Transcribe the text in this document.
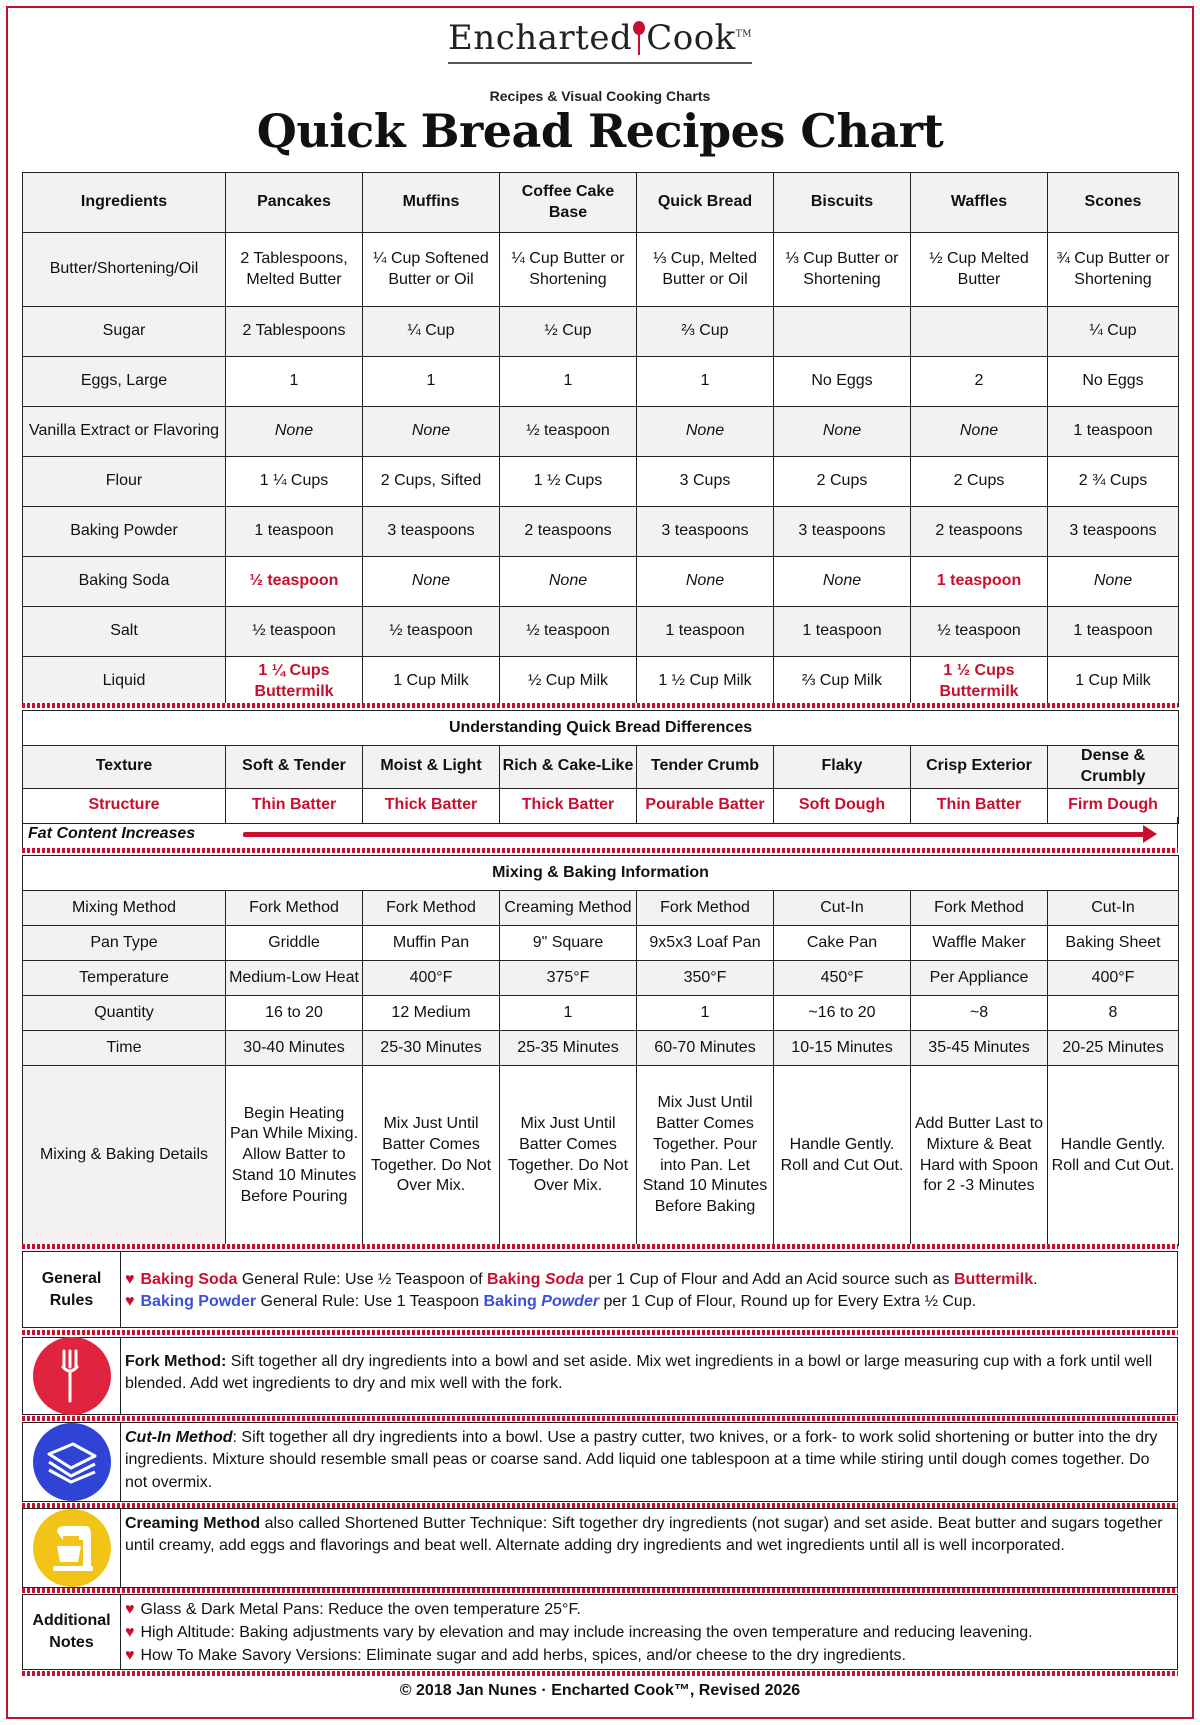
Encharted Cook™
Recipes & Visual Cooking Charts
Quick Bread Recipes Chart
Ingredients	Pancakes	Muffins	Coffee Cake Base	Quick Bread	Biscuits	Waffles	Scones
Butter/Shortening/Oil	2 Tablespoons, Melted Butter	¼ Cup Softened Butter or Oil	¼ Cup Butter or Shortening	⅓ Cup, Melted Butter or Oil	⅓ Cup Butter or Shortening	½ Cup Melted Butter	¾ Cup Butter or Shortening
Sugar	2 Tablespoons	¼ Cup	½ Cup	⅔ Cup			¼ Cup
Eggs, Large	1	1	1	1	No Eggs	2	No Eggs
Vanilla Extract or Flavoring	None	None	½ teaspoon	None	None	None	1 teaspoon
Flour	1 ¼ Cups	2 Cups, Sifted	1 ½ Cups	3 Cups	2 Cups	2 Cups	2 ¾ Cups
Baking Powder	1 teaspoon	3 teaspoons	2 teaspoons	3 teaspoons	3 teaspoons	2 teaspoons	3 teaspoons
Baking Soda	½ teaspoon	None	None	None	None	1 teaspoon	None
Salt	½ teaspoon	½ teaspoon	½ teaspoon	1 teaspoon	1 teaspoon	½ teaspoon	1 teaspoon
Liquid	1 ¼ Cups Buttermilk	1 Cup Milk	½ Cup Milk	1 ½ Cup Milk	⅔ Cup Milk	1 ½ Cups Buttermilk	1 Cup Milk
Understanding Quick Bread Differences							
Texture	Soft & Tender	Moist & Light	Rich & Cake-Like	Tender Crumb	Flaky	Crisp Exterior	Dense & Crumbly
Structure	Thin Batter	Thick Batter	Thick Batter	Pourable Batter	Soft Dough	Thin Batter	Firm Dough
Fat Content Increases
Mixing & Baking Information							
Mixing Method	Fork Method	Fork Method	Creaming Method	Fork Method	Cut-In	Fork Method	Cut-In
Pan Type	Griddle	Muffin Pan	9" Square	9x5x3 Loaf Pan	Cake Pan	Waffle Maker	Baking Sheet
Temperature	Medium-Low Heat	400°F	375°F	350°F	450°F	Per Appliance	400°F
Quantity	16 to 20	12 Medium	1	1	~16 to 20	~8	8
Time	30-40 Minutes	25-30 Minutes	25-35 Minutes	60-70 Minutes	10-15 Minutes	35-45 Minutes	20-25 Minutes
Mixing & Baking Details	Begin Heating Pan While Mixing. Allow Batter to Stand 10 Minutes Before Pouring	Mix Just Until Batter Comes Together. Do Not Over Mix.	Mix Just Until Batter Comes Together. Do Not Over Mix.	Mix Just Until Batter Comes Together. Pour into Pan. Let Stand 10 Minutes Before Baking	Handle Gently. Roll and Cut Out.	Add Butter Last to Mixture & Beat Hard with Spoon for 2 -3 Minutes	Handle Gently. Roll and Cut Out.
General Rules
♥ Baking Soda General Rule: Use ½ Teaspoon of Baking Soda per 1 Cup of Flour and Add an Acid source such as Buttermilk.
♥ Baking Powder General Rule: Use 1 Teaspoon Baking Powder per 1 Cup of Flour, Round up for Every Extra ½ Cup.
Fork Method: Sift together all dry ingredients into a bowl and set aside. Mix wet ingredients in a bowl or large measuring cup with a fork until well blended. Add wet ingredients to dry and mix well with the fork.
Cut-In Method: Sift together all dry ingredients into a bowl. Use a pastry cutter, two knives, or a fork- to work solid shortening or butter into the dry ingredients. Mixture should resemble small peas or coarse sand. Add liquid one tablespoon at a time while stiring until dough comes together. Do not overmix.
Creaming Method also called Shortened Butter Technique: Sift together dry ingredients (not sugar) and set aside. Beat butter and sugars together until creamy, add eggs and flavorings and beat well. Alternate adding dry ingredients and wet ingredients until all is well incorporated.
Additional Notes
♥ Glass & Dark Metal Pans: Reduce the oven temperature 25°F.
♥ High Altitude: Baking adjustments vary by elevation and may include increasing the oven temperature and reducing leavening.
♥ How To Make Savory Versions: Eliminate sugar and add herbs, spices, and/or cheese to the dry ingredients.
© 2018 Jan Nunes · Encharted Cook™, Revised 2026
